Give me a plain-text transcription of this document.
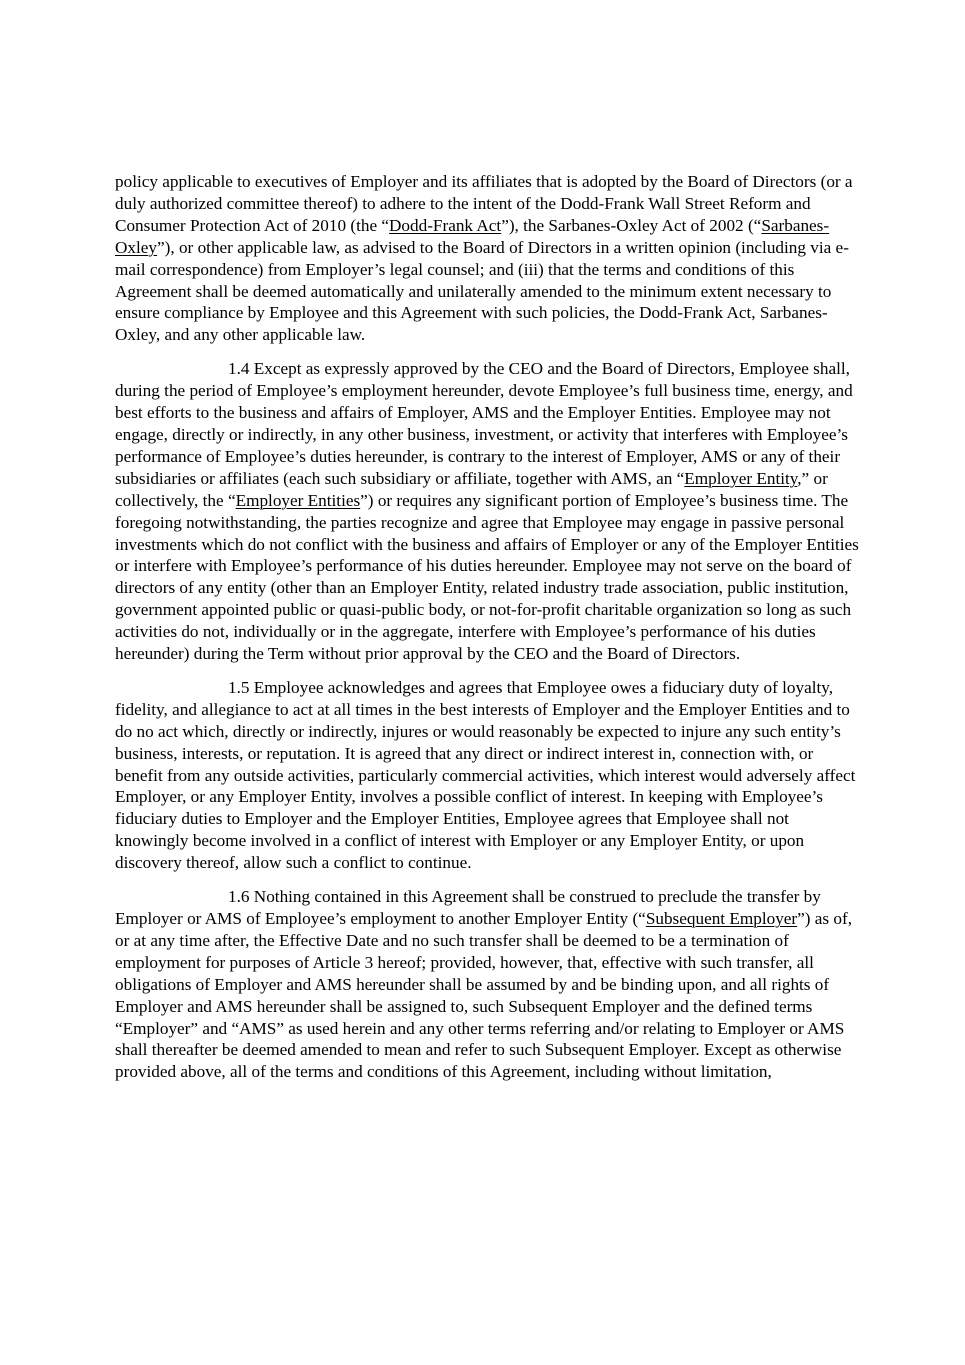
policy applicable to executives of Employer and its affiliates that is adopted by the Board of Directors (or a duly authorized committee thereof) to adhere to the intent of the Dodd-Frank Wall Street Reform and Consumer Protection Act of 2010 (the “Dodd-Frank Act”), the Sarbanes-Oxley Act of 2002 (“Sarbanes-Oxley”), or other applicable law, as advised to the Board of Directors in a written opinion (including via e-mail correspondence) from Employer’s legal counsel; and (iii) that the terms and conditions of this Agreement shall be deemed automatically and unilaterally amended to the minimum extent necessary to ensure compliance by Employee and this Agreement with such policies, the Dodd-Frank Act, Sarbanes-Oxley, and any other applicable law.

1.4 Except as expressly approved by the CEO and the Board of Directors, Employee shall, during the period of Employee’s employment hereunder, devote Employee’s full business time, energy, and best efforts to the business and affairs of Employer, AMS and the Employer Entities. Employee may not engage, directly or indirectly, in any other business, investment, or activity that interferes with Employee’s performance of Employee’s duties hereunder, is contrary to the interest of Employer, AMS or any of their subsidiaries or affiliates (each such subsidiary or affiliate, together with AMS, an “Employer Entity,” or collectively, the “Employer Entities”) or requires any significant portion of Employee’s business time. The foregoing notwithstanding, the parties recognize and agree that Employee may engage in passive personal investments which do not conflict with the business and affairs of Employer or any of the Employer Entities or interfere with Employee’s performance of his duties hereunder. Employee may not serve on the board of directors of any entity (other than an Employer Entity, related industry trade association, public institution, government appointed public or quasi-public body, or not-for-profit charitable organization so long as such activities do not, individually or in the aggregate, interfere with Employee’s performance of his duties hereunder) during the Term without prior approval by the CEO and the Board of Directors.

1.5 Employee acknowledges and agrees that Employee owes a fiduciary duty of loyalty, fidelity, and allegiance to act at all times in the best interests of Employer and the Employer Entities and to do no act which, directly or indirectly, injures or would reasonably be expected to injure any such entity’s business, interests, or reputation. It is agreed that any direct or indirect interest in, connection with, or benefit from any outside activities, particularly commercial activities, which interest would adversely affect Employer, or any Employer Entity, involves a possible conflict of interest. In keeping with Employee’s fiduciary duties to Employer and the Employer Entities, Employee agrees that Employee shall not knowingly become involved in a conflict of interest with Employer or any Employer Entity, or upon discovery thereof, allow such a conflict to continue.

1.6 Nothing contained in this Agreement shall be construed to preclude the transfer by Employer or AMS of Employee’s employment to another Employer Entity (“Subsequent Employer”) as of, or at any time after, the Effective Date and no such transfer shall be deemed to be a termination of employment for purposes of Article 3 hereof; provided, however, that, effective with such transfer, all obligations of Employer and AMS hereunder shall be assumed by and be binding upon, and all rights of Employer and AMS hereunder shall be assigned to, such Subsequent Employer and the defined terms “Employer” and “AMS” as used herein and any other terms referring and/or relating to Employer or AMS shall thereafter be deemed amended to mean and refer to such Subsequent Employer. Except as otherwise provided above, all of the terms and conditions of this Agreement, including without limitation,
